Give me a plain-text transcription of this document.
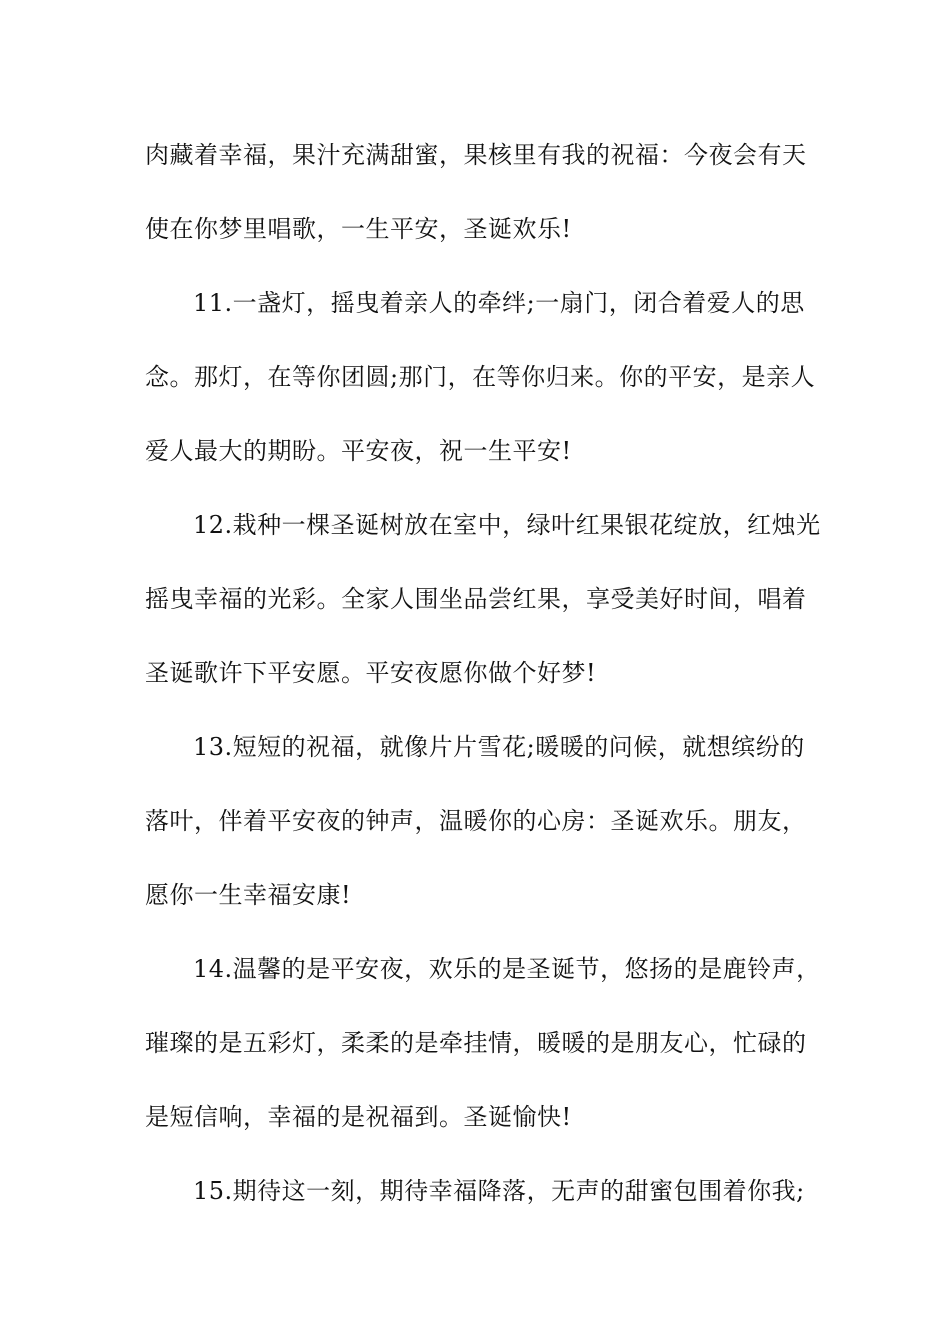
肉藏着幸福，果汁充满甜蜜，果核里有我的祝福：今夜会有天
使在你梦里唱歌，一生平安，圣诞欢乐!
11.一盏灯，摇曳着亲人的牵绊;一扇门，闭合着爱人的思
念。那灯，在等你团圆;那门，在等你归来。你的平安，是亲人
爱人最大的期盼。平安夜，祝一生平安!
12.栽种一棵圣诞树放在室中，绿叶红果银花绽放，红烛光
摇曳幸福的光彩。全家人围坐品尝红果，享受美好时间，唱着
圣诞歌许下平安愿。平安夜愿你做个好梦!
13.短短的祝福，就像片片雪花;暖暖的问候，就想缤纷的
落叶，伴着平安夜的钟声，温暖你的心房：圣诞欢乐。朋友，
愿你一生幸福安康!
14.温馨的是平安夜，欢乐的是圣诞节，悠扬的是鹿铃声，
璀璨的是五彩灯，柔柔的是牵挂情，暖暖的是朋友心，忙碌的
是短信响，幸福的是祝福到。圣诞愉快!
15.期待这一刻，期待幸福降落，无声的甜蜜包围着你我;
